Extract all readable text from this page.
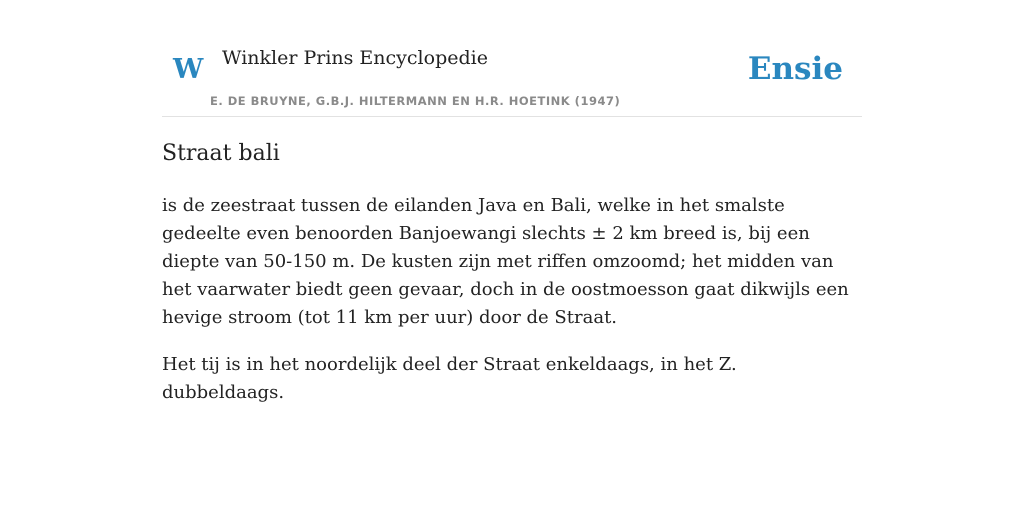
W Winkler Prins Encyclopedie
E. DE BRUYNE, G.B.J. HILTERMANN EN H.R. HOETINK (1947)
Ensie
Straat bali

is de zeestraat tussen de eilanden Java en Bali, welke in het smalste gedeelte even benoorden Banjoewangi slechts ± 2 km breed is, bij een diepte van 50-150 m. De kusten zijn met riffen omzoomd; het midden van het vaarwater biedt geen gevaar, doch in de oostmoesson gaat dikwijls een hevige stroom (tot 11 km per uur) door de Straat.

Het tij is in het noordelijk deel der Straat enkeldaags, in het Z. dubbeldaags.
